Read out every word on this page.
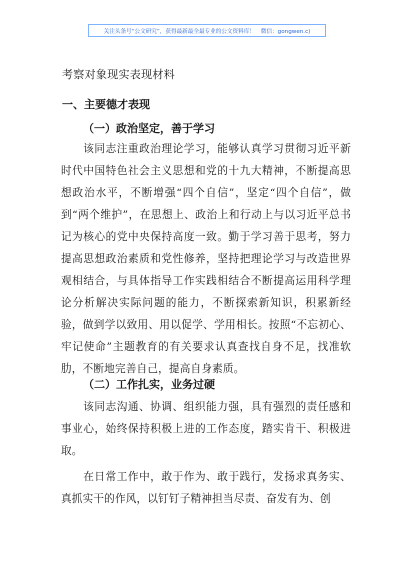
关注头条号“公文研究”，获得最新最全最专业的公文资料库！ 微信：gongwen.c)
考察对象现实表现材料
一、主要德才表现
（一）政治坚定，善于学习
该同志注重政治理论学习，能够认真学习贯彻习近平新时代中国特色社会主义思想和党的十九大精神，不断提高思想政治水平，不断增强“四个自信”，坚定“四个自信”，做到“两个维护”，在思想上、政治上和行动上与以习近平总书记为核心的党中央保持高度一致。勤于学习善于思考，努力提高思想政治素质和党性修养，坚持把理论学习与改造世界观相结合，与具体指导工作实践相结合不断提高运用科学理论分析解决实际问题的能力，不断探索新知识，积累新经验，做到学以致用、用以促学、学用相长。按照“不忘初心、牢记使命”主题教育的有关要求认真查找自身不足，找准软肋，不断地完善自己，提高自身素质。
（二）工作扎实，业务过硬
该同志沟通、协调、组织能力强，具有强烈的责任感和事业心，始终保持积极上进的工作态度，踏实肯干、积极进取。
在日常工作中，敢于作为、敢于践行，发扬求真务实、真抓实干的作风，以钉钉子精神担当尽责、奋发有为、创
